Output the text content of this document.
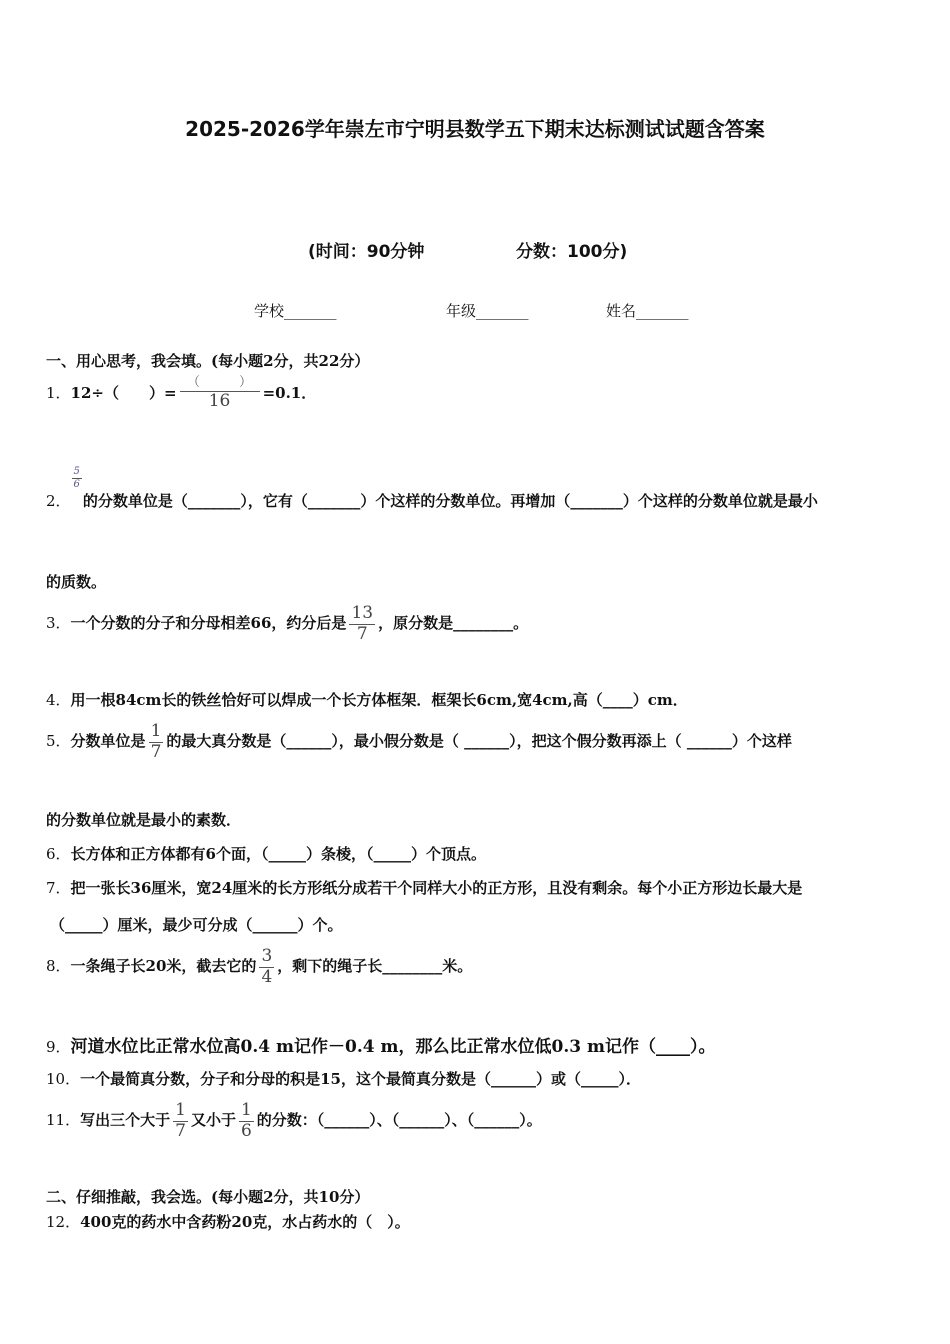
2025-2026学年崇左市宁明县数学五下期末达标测试试题含答案
(时间：90分钟	分数：100分)
学校_______	年级_______	姓名_______
一、用心思考，我会填。(每小题2分，共22分）
1．12÷（　　）= $\frac{( )}{16} =0.1$．
2．
$\frac{5}{6}$
的分数单位是（_______），它有（_______）个这样的分数单位。再增加（_______）个这样的分数单位就是最小
的质数。
3．一个分数的分子和分母相差66，约分后是 $\frac{13}{7}$ ，原分数是________。
4．用一根84cm长的铁丝恰好可以焊成一个长方体框架．框架长6cm,宽4cm,高（____）cm．
5．分数单位是 $\frac{1}{7}$ 的最大真分数是（______），最小假分数是（ ______），把这个假分数再添上（ ______）个这样
的分数单位就是最小的素数．
6．长方体和正方体都有6个面，（_____）条棱，（_____）个顶点。
7．把一张长36厘米，宽24厘米的长方形纸分成若干个同样大小的正方形，且没有剩余。每个小正方形边长最大是
（_____）厘米，最少可分成（______）个。
8．一条绳子长20米，截去它的 $\frac{3}{4}$ ，剩下的绳子长________米。
9．河道水位比正常水位高0.4 m记作－0.4 m，那么比正常水位低0.3 m记作（____）。
10．一个最简真分数，分子和分母的积是15，这个最简真分数是（______）或（_____）．
11．写出三个大于 $\frac{1}{7}$ 又小于 $\frac{1}{6}$ 的分数：（______）、（______）、（______）。
二、仔细推敲，我会选。(每小题2分，共10分）
12．400克的药水中含药粉20克，水占药水的（　）。
